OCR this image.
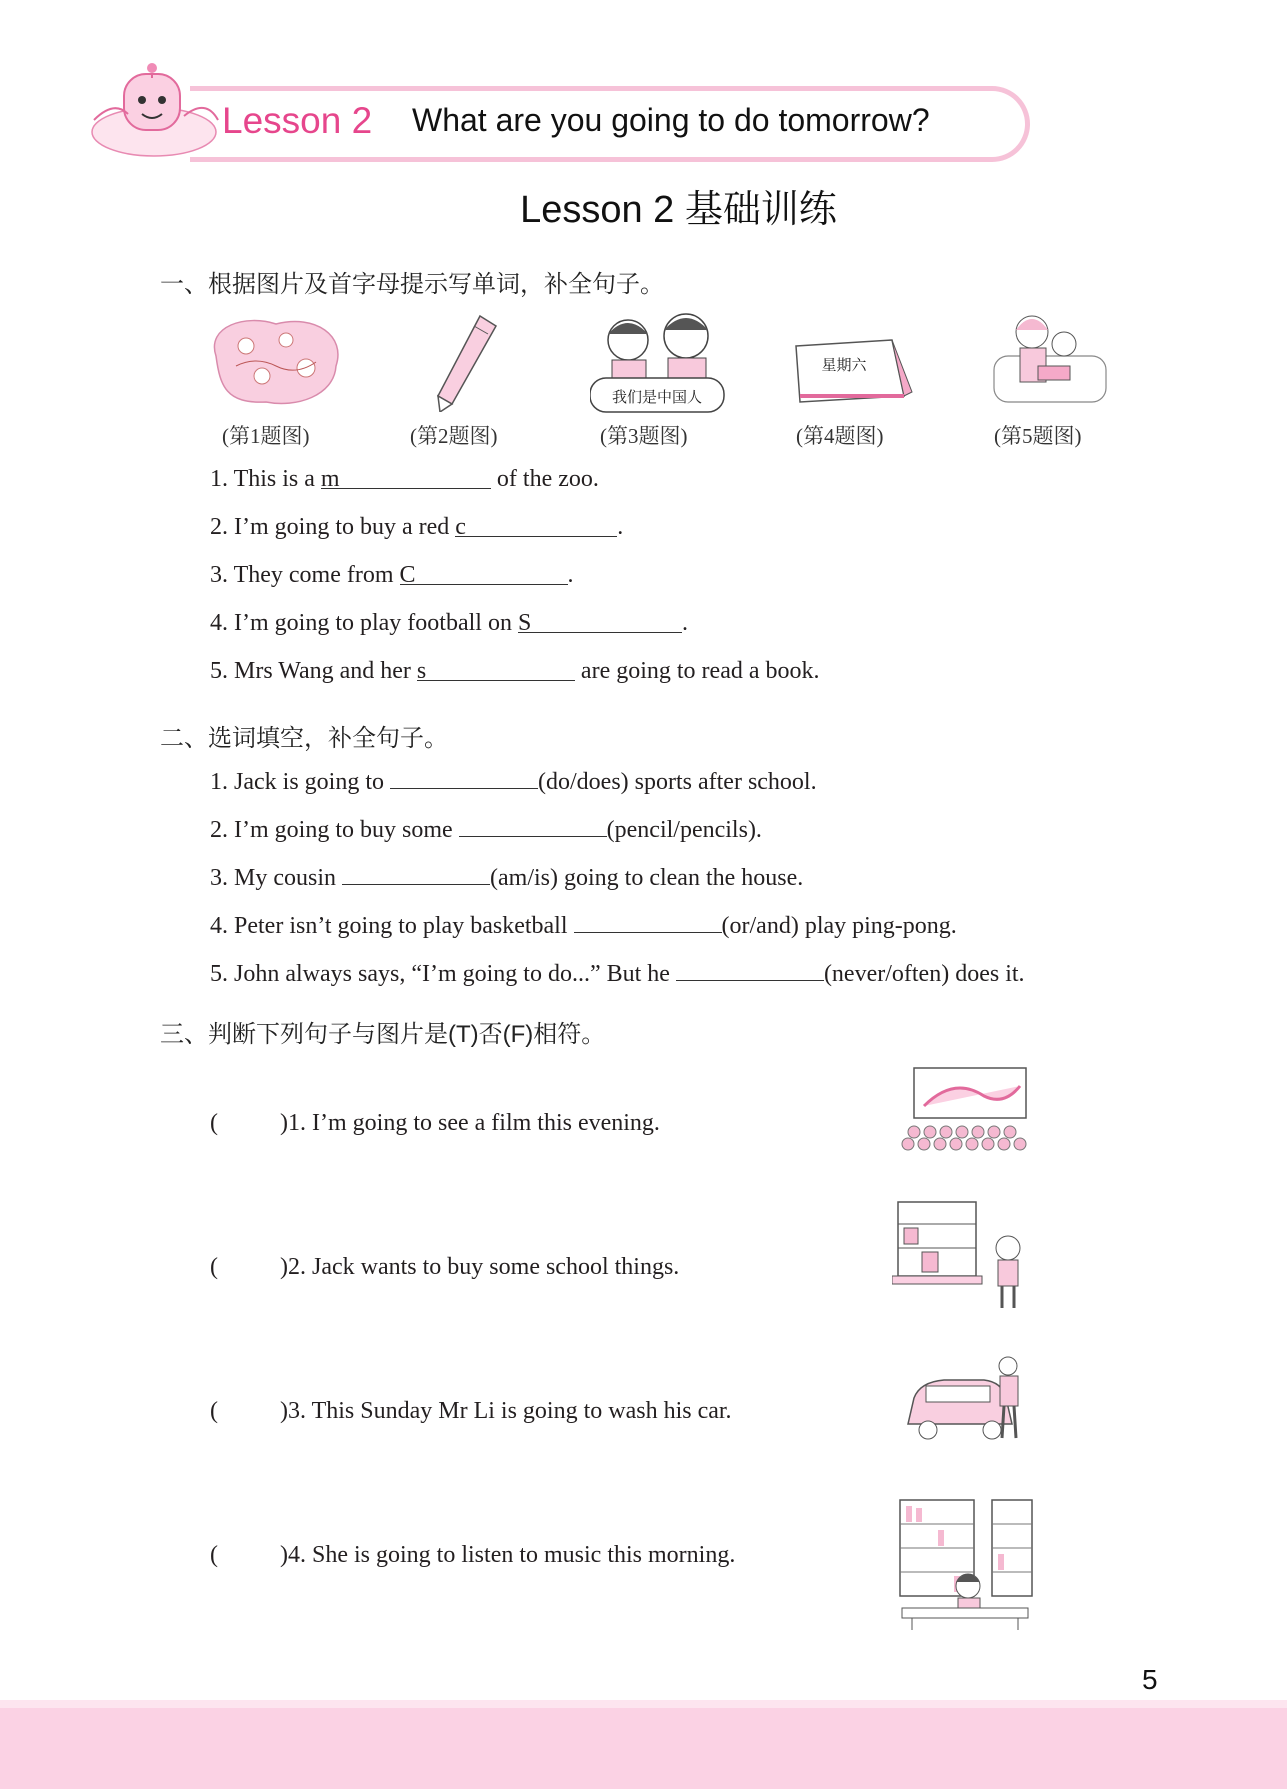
Lesson 2 What are you going to do tomorrow?
Lesson 2 基础训练
一、根据图片及首字母提示写单词，补全句子。
我们是中国人
星期六
(第1题图)	(第2题图)	(第3题图)	(第4题图)	(第5题图)
1. This is a m	of the zoo.
2. I’m going to buy a red c	.
3. They come from C	.
4. I’m going to play football on S	.
5. Mrs Wang and her s	are going to read a book.
二、选词填空，补全句子。
1. Jack is going to	(do/does) sports after school.
2. I’m going to buy some	(pencil/pencils).
3. My cousin	(am/is) going to clean the house.
4. Peter isn’t going to play basketball	(or/and) play ping-pong.
5. John always says, “I’m going to do...” But he	(never/often) does it.
三、判断下列句子与图片是(T)否(F)相符。
(	)1. I’m going to see a film this evening.
(	)2. Jack wants to buy some school things.
(	)3. This Sunday Mr Li is going to wash his car.
(	)4. She is going to listen to music this morning.
5
